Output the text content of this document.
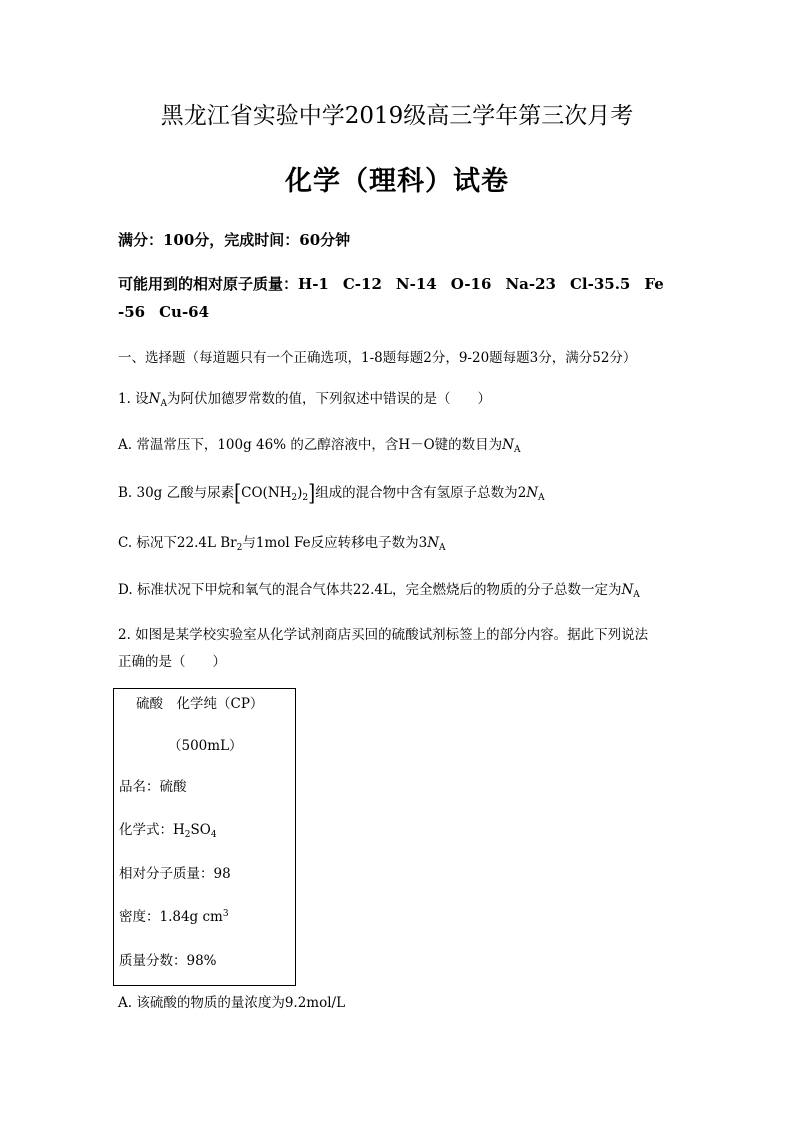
黑龙江省实验中学2019级高三学年第三次月考
化学（理科）试卷
满分：100分，完成时间：60分钟
可能用到的相对原子质量：H-1 C-12 N-14 O-16 Na-23 Cl-35.5 Fe
-56 Cu-64
一、选择题（每道题只有一个正确选项，1-8题每题2分，9-20题每题3分，满分52分）
1. 设$N_A$为阿伏加德罗常数的值，下列叙述中错误的是（　　）
A. 常温常压下，100g 46% 的乙醇溶液中，含H－O键的数目为$N_A$
B. 30g 乙酸与尿素$[CO(NH_2)_2]$组成的混合物中含有氢原子总数为$2N_A$
C. 标况下22.4L $Br_2$与1mol Fe反应转移电子数为$3N_A$
D. 标准状况下甲烷和氧气的混合气体共22.4L，完全燃烧后的物质的分子总数一定为$N_A$
2. 如图是某学校实验室从化学试剂商店买回的硫酸试剂标签上的部分内容。据此下列说法
正确的是（　　）
硫酸　化学纯（CP）
（500mL）
品名：硫酸
化学式：$H_2SO_4$
相对分子质量：98
密度：1.84g $cm^3$
质量分数：98%
A. 该硫酸的物质的量浓度为9.2mol/L
